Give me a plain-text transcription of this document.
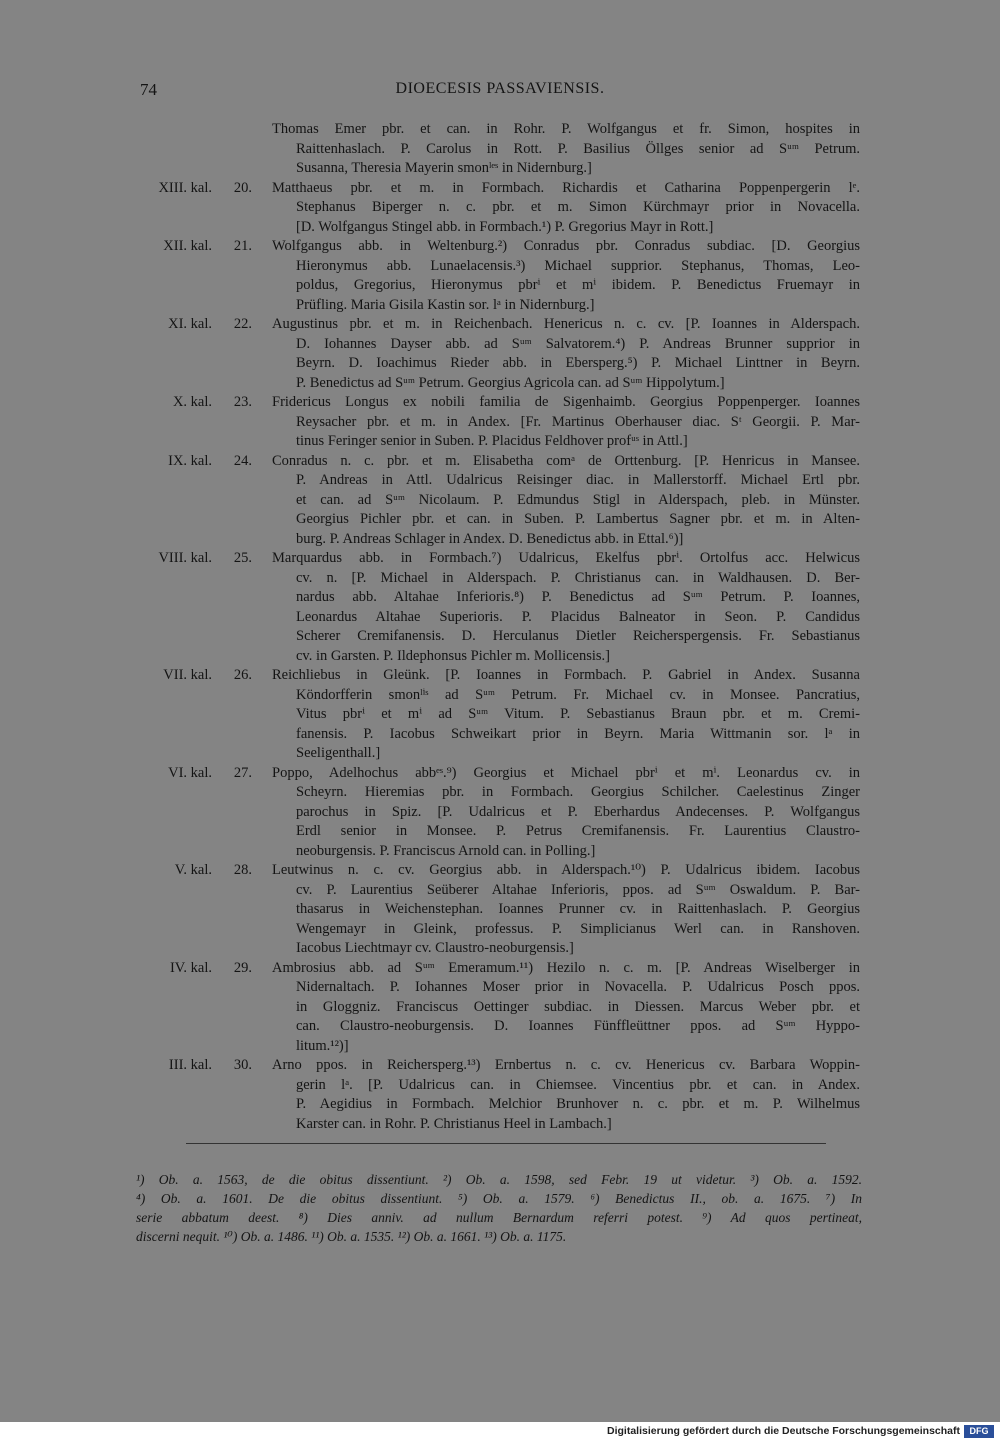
74	DIOECESIS PASSAVIENSIS.
Thomas Emer pbr. et can. in Rohr. P. Wolfgangus et fr. Simon, hospites in
Raittenhaslach. P. Carolus in Rott. P. Basilius Öllges senior ad Sᵘᵐ Petrum.
Susanna, Theresia Mayerin smonˡᵉˢ in Nidernburg.]
XIII. kal.	20. Matthaeus pbr. et m. in Formbach. Richardis et Catharina Poppenpergerin lᵉ.
Stephanus Biperger n. c. pbr. et m. Simon Kürchmayr prior in Novacella.
[D. Wolfgangus Stingel abb. in Formbach.¹) P. Gregorius Mayr in Rott.]
XII. kal.	21. Wolfgangus abb. in Weltenburg.²) Conradus pbr. Conradus subdiac. [D. Georgius
Hieronymus abb. Lunaelacensis.³) Michael supprior. Stephanus, Thomas, Leo-
poldus, Gregorius, Hieronymus pbrⁱ et mⁱ ibidem. P. Benedictus Fruemayr in
Prüfling. Maria Gisila Kastin sor. lᵃ in Nidernburg.]
XI. kal.	22. Augustinus pbr. et m. in Reichenbach. Henericus n. c. cv. [P. Ioannes in Alderspach.
D. Iohannes Dayser abb. ad Sᵘᵐ Salvatorem.⁴) P. Andreas Brunner supprior in
Beyrn. D. Ioachimus Rieder abb. in Ebersperg.⁵) P. Michael Linttner in Beyrn.
P. Benedictus ad Sᵘᵐ Petrum. Georgius Agricola can. ad Sᵘᵐ Hippolytum.]
X. kal.	23. Fridericus Longus ex nobili familia de Sigenhaimb. Georgius Poppenperger. Ioannes
Reysacher pbr. et m. in Andex. [Fr. Martinus Oberhauser diac. Sᵗ Georgii. P. Mar-
tinus Feringer senior in Suben. P. Placidus Feldhover profᵘˢ in Attl.]
IX. kal.	24. Conradus n. c. pbr. et m. Elisabetha comᵃ de Orttenburg. [P. Henricus in Mansee.
P. Andreas in Attl. Udalricus Reisinger diac. in Mallerstorff. Michael Ertl pbr.
et can. ad Sᵘᵐ Nicolaum. P. Edmundus Stigl in Alderspach, pleb. in Münster.
Georgius Pichler pbr. et can. in Suben. P. Lambertus Sagner pbr. et m. in Alten-
burg. P. Andreas Schlager in Andex. D. Benedictus abb. in Ettal.⁶)]
VIII. kal.	25. Marquardus abb. in Formbach.⁷) Udalricus, Ekelfus pbrⁱ. Ortolfus acc. Helwicus
cv. n. [P. Michael in Alderspach. P. Christianus can. in Waldhausen. D. Ber-
nardus abb. Altahae Inferioris.⁸) P. Benedictus ad Sᵘᵐ Petrum. P. Ioannes,
Leonardus Altahae Superioris. P. Placidus Balneator in Seon. P. Candidus
Scherer Cremifanensis. D. Herculanus Dietler Reicherspergensis. Fr. Sebastianus
cv. in Garsten. P. Ildephonsus Pichler m. Mollicensis.]
VII. kal.	26. Reichliebus in Gleünk. [P. Ioannes in Formbach. P. Gabriel in Andex. Susanna
Köndorfferin smonˡⁱˢ ad Sᵘᵐ Petrum. Fr. Michael cv. in Monsee. Pancratius,
Vitus pbrⁱ et mⁱ ad Sᵘᵐ Vitum. P. Sebastianus Braun pbr. et m. Cremi-
fanensis. P. Iacobus Schweikart prior in Beyrn. Maria Wittmanin sor. lᵃ in
Seeligenthall.]
VI. kal.	27. Poppo, Adelhochus abbᵉˢ.⁹) Georgius et Michael pbrⁱ et mⁱ. Leonardus cv. in
Scheyrn. Hieremias pbr. in Formbach. Georgius Schilcher. Caelestinus Zinger
parochus in Spiz. [P. Udalricus et P. Eberhardus Andecenses. P. Wolfgangus
Erdl senior in Monsee. P. Petrus Cremifanensis. Fr. Laurentius Claustro-
neoburgensis. P. Franciscus Arnold can. in Polling.]
V. kal.	28. Leutwinus n. c. cv. Georgius abb. in Alderspach.¹⁰) P. Udalricus ibidem. Iacobus
cv. P. Laurentius Seüberer Altahae Inferioris, ppos. ad Sᵘᵐ Oswaldum. P. Bar-
thasarus in Weichenstephan. Ioannes Prunner cv. in Raittenhaslach. P. Georgius
Wengemayr in Gleink, professus. P. Simplicianus Werl can. in Ranshoven.
Iacobus Liechtmayr cv. Claustro-neoburgensis.]
IV. kal.	29. Ambrosius abb. ad Sᵘᵐ Emeramum.¹¹) Hezilo n. c. m. [P. Andreas Wiselberger in
Nidernaltach. P. Iohannes Moser prior in Novacella. P. Udalricus Posch ppos.
in Gloggniz. Franciscus Oettinger subdiac. in Diessen. Marcus Weber pbr. et
can. Claustro-neoburgensis. D. Ioannes Fünffleüttner ppos. ad Sᵘᵐ Hyppo-
litum.¹²)]
III. kal.	30. Arno ppos. in Reichersperg.¹³) Ernbertus n. c. cv. Henericus cv. Barbara Woppin-
gerin lᵃ. [P. Udalricus can. in Chiemsee. Vincentius pbr. et can. in Andex.
P. Aegidius in Formbach. Melchior Brunhover n. c. pbr. et m. P. Wilhelmus
Karster can. in Rohr. P. Christianus Heel in Lambach.]
¹) Ob. a. 1563, de die obitus dissentiunt. ²) Ob. a. 1598, sed Febr. 19 ut videtur. ³) Ob. a. 1592.
⁴) Ob. a. 1601. De die obitus dissentiunt. ⁵) Ob. a. 1579. ⁶) Benedictus II., ob. a. 1675. ⁷) In
serie abbatum deest. ⁸) Dies anniv. ad nullum Bernardum referri potest. ⁹) Ad quos pertineat,
discerni nequit. ¹⁰) Ob. a. 1486. ¹¹) Ob. a. 1535. ¹²) Ob. a. 1661. ¹³) Ob. a. 1175.
Digitalisierung gefördert durch die Deutsche Forschungsgemeinschaft	DFG
